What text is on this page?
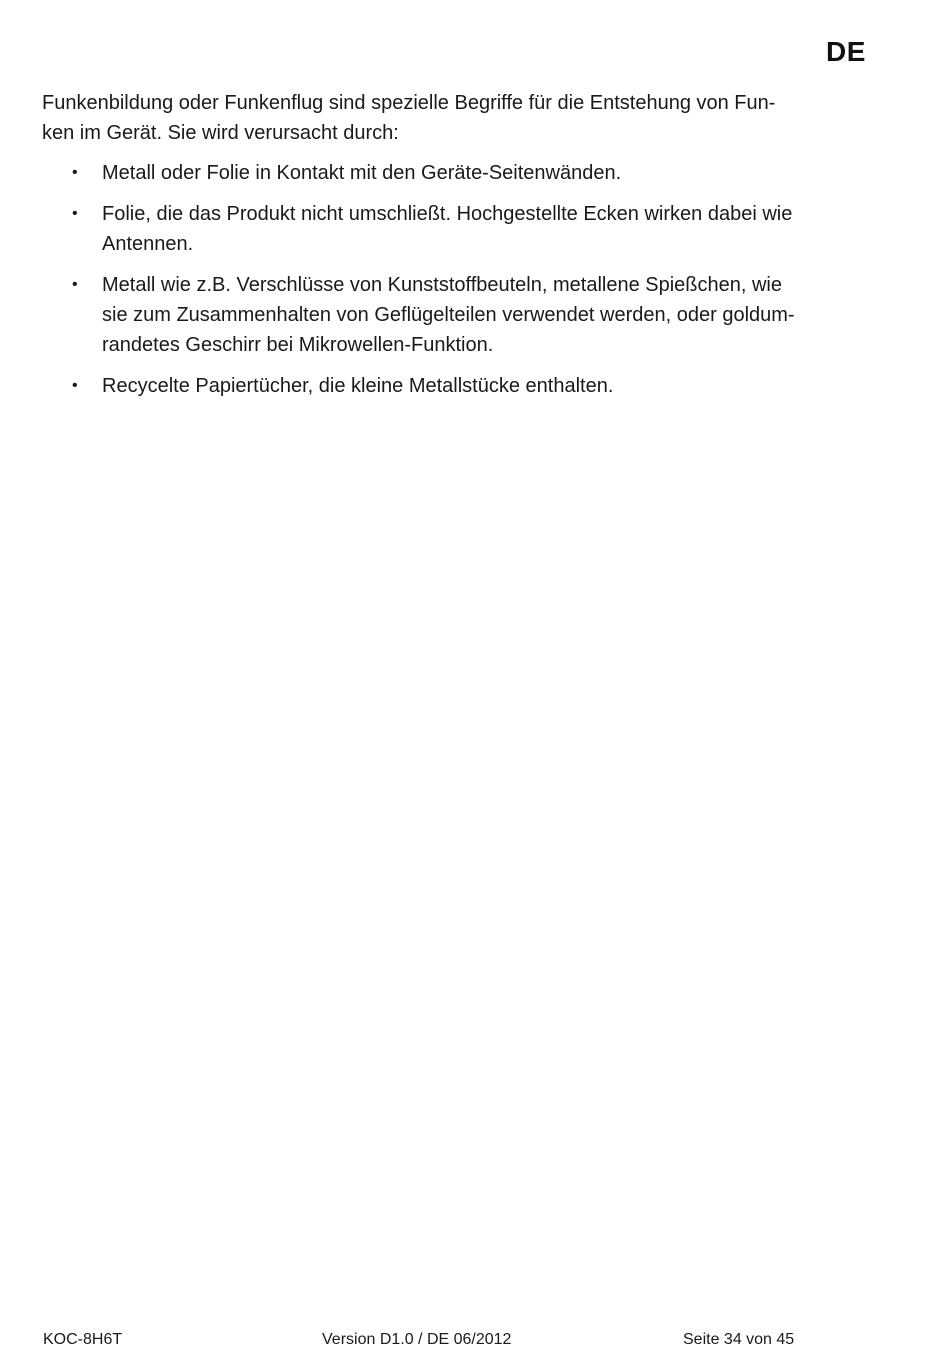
DE

Funkenbildung oder Funkenflug sind spezielle Begriffe für die Entstehung von Fun-
ken im Gerät. Sie wird verursacht durch:

• Metall oder Folie in Kontakt mit den Geräte-Seitenwänden.
• Folie, die das Produkt nicht umschließt. Hochgestellte Ecken wirken dabei wie
Antennen.
• Metall wie z.B. Verschlüsse von Kunststoffbeuteln, metallene Spießchen, wie
sie zum Zusammenhalten von Geflügelteilen verwendet werden, oder goldum-
randetes Geschirr bei Mikrowellen-Funktion.
• Recycelte Papiertücher, die kleine Metallstücke enthalten.
KOC-8H6T	Version D1.0 / DE 06/2012	Seite 34 von 45
